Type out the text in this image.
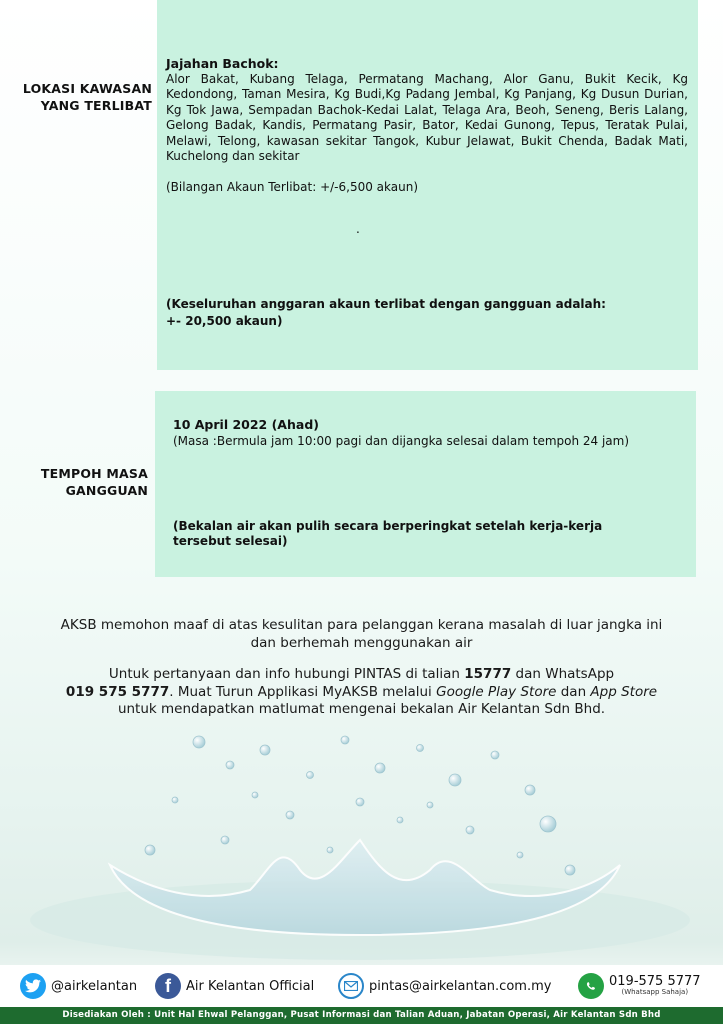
LOKASI KAWASAN
YANG TERLIBAT
Jajahan Bachok:
Alor Bakat, Kubang Telaga, Permatang Machang, Alor Ganu, Bukit Kecik, Kg Kedondong, Taman Mesira, Kg Budi,Kg Padang Jembal, Kg Panjang, Kg Dusun Durian, Kg Tok Jawa, Sempadan Bachok-Kedai Lalat, Telaga Ara, Beoh, Seneng, Beris Lalang, Gelong Badak, Kandis, Permatang Pasir, Bator, Kedai Gunong, Tepus, Teratak Pulai, Melawi, Telong, kawasan sekitar Tangok, Kubur Jelawat, Bukit Chenda, Badak Mati, Kuchelong dan sekitar
(Bilangan Akaun Terlibat: +/-6,500 akaun)
.
(Keseluruhan anggaran akaun terlibat dengan gangguan adalah:
+- 20,500 akaun)
TEMPOH MASA
GANGGUAN
10 April 2022 (Ahad)
(Masa :Bermula jam 10:00 pagi dan dijangka selesai dalam tempoh 24 jam)
(Bekalan air akan pulih secara berperingkat setelah kerja-kerja tersebut selesai)
AKSB memohon maaf di atas kesulitan para pelanggan kerana masalah di luar jangka ini dan berhemah menggunakan air
Untuk pertanyaan dan info hubungi PINTAS di talian 15777 dan WhatsApp
019 575 5777. Muat Turun Applikasi MyAKSB melalui Google Play Store dan App Store
untuk mendapatkan matlumat mengenai bekalan Air Kelantan Sdn Bhd.
@airkelantan	f	Air Kelantan Official	pintas@airkelantan.com.my	019-575 5777
(Whatsapp Sahaja)
Disediakan Oleh : Unit Hal Ehwal Pelanggan, Pusat Informasi dan Talian Aduan, Jabatan Operasi, Air Kelantan Sdn Bhd
